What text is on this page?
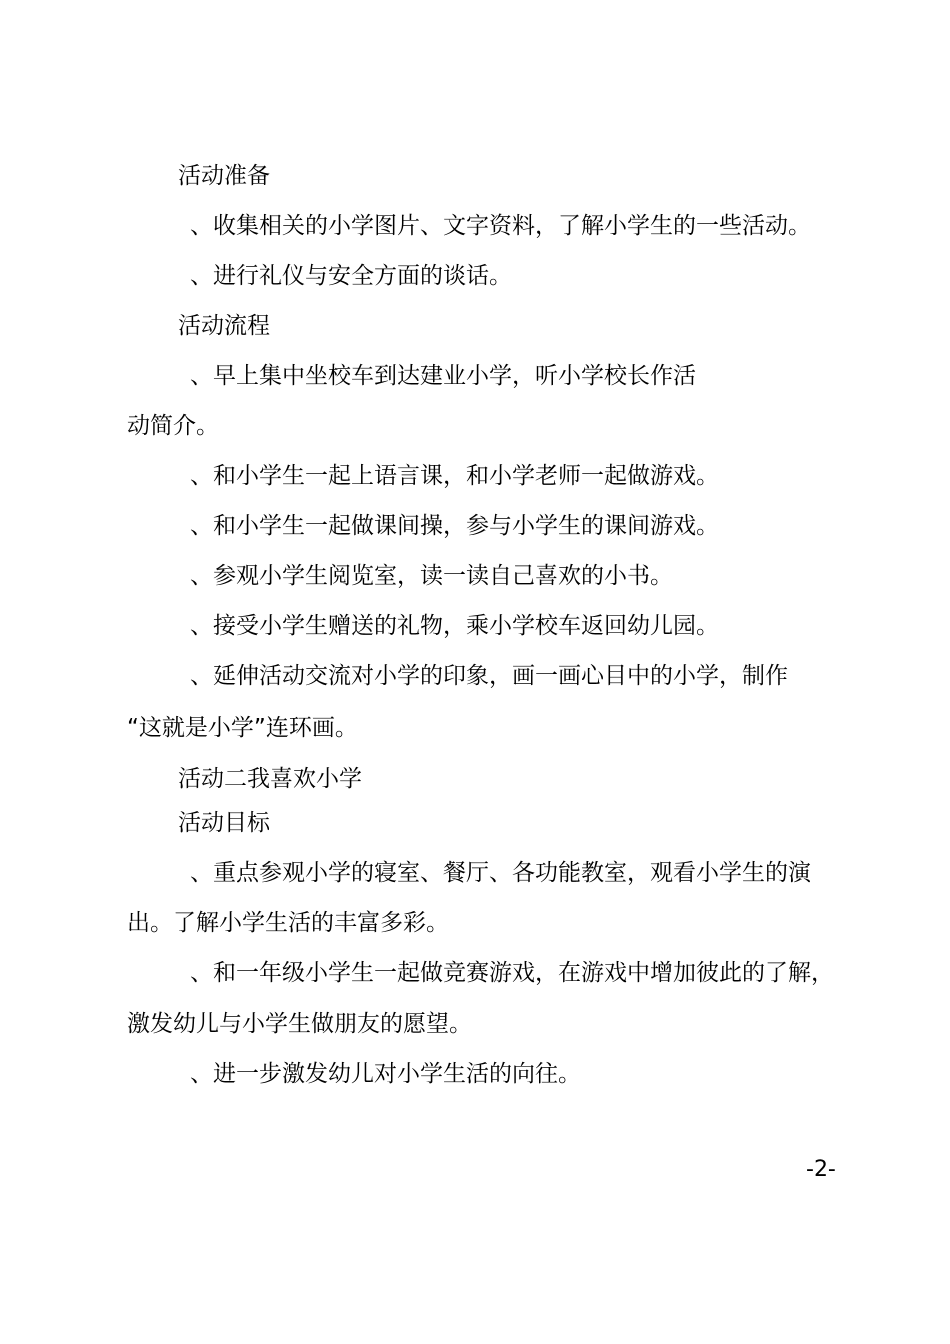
活动准备
、收集相关的小学图片、文字资料，了解小学生的一些活动。
、进行礼仪与安全方面的谈话。
活动流程
、早上集中坐校车到达建业小学，听小学校长作活
动简介。
、和小学生一起上语言课，和小学老师一起做游戏。
、和小学生一起做课间操，参与小学生的课间游戏。
、参观小学生阅览室，读一读自己喜欢的小书。
、接受小学生赠送的礼物，乘小学校车返回幼儿园。
、延伸活动交流对小学的印象，画一画心目中的小学，制作
“这就是小学”连环画。
活动二我喜欢小学
活动目标
、重点参观小学的寝室、餐厅、各功能教室，观看小学生的演
出。了解小学生活的丰富多彩。
、和一年级小学生一起做竞赛游戏，在游戏中增加彼此的了解，
激发幼儿与小学生做朋友的愿望。
、进一步激发幼儿对小学生活的向往。
-2-
